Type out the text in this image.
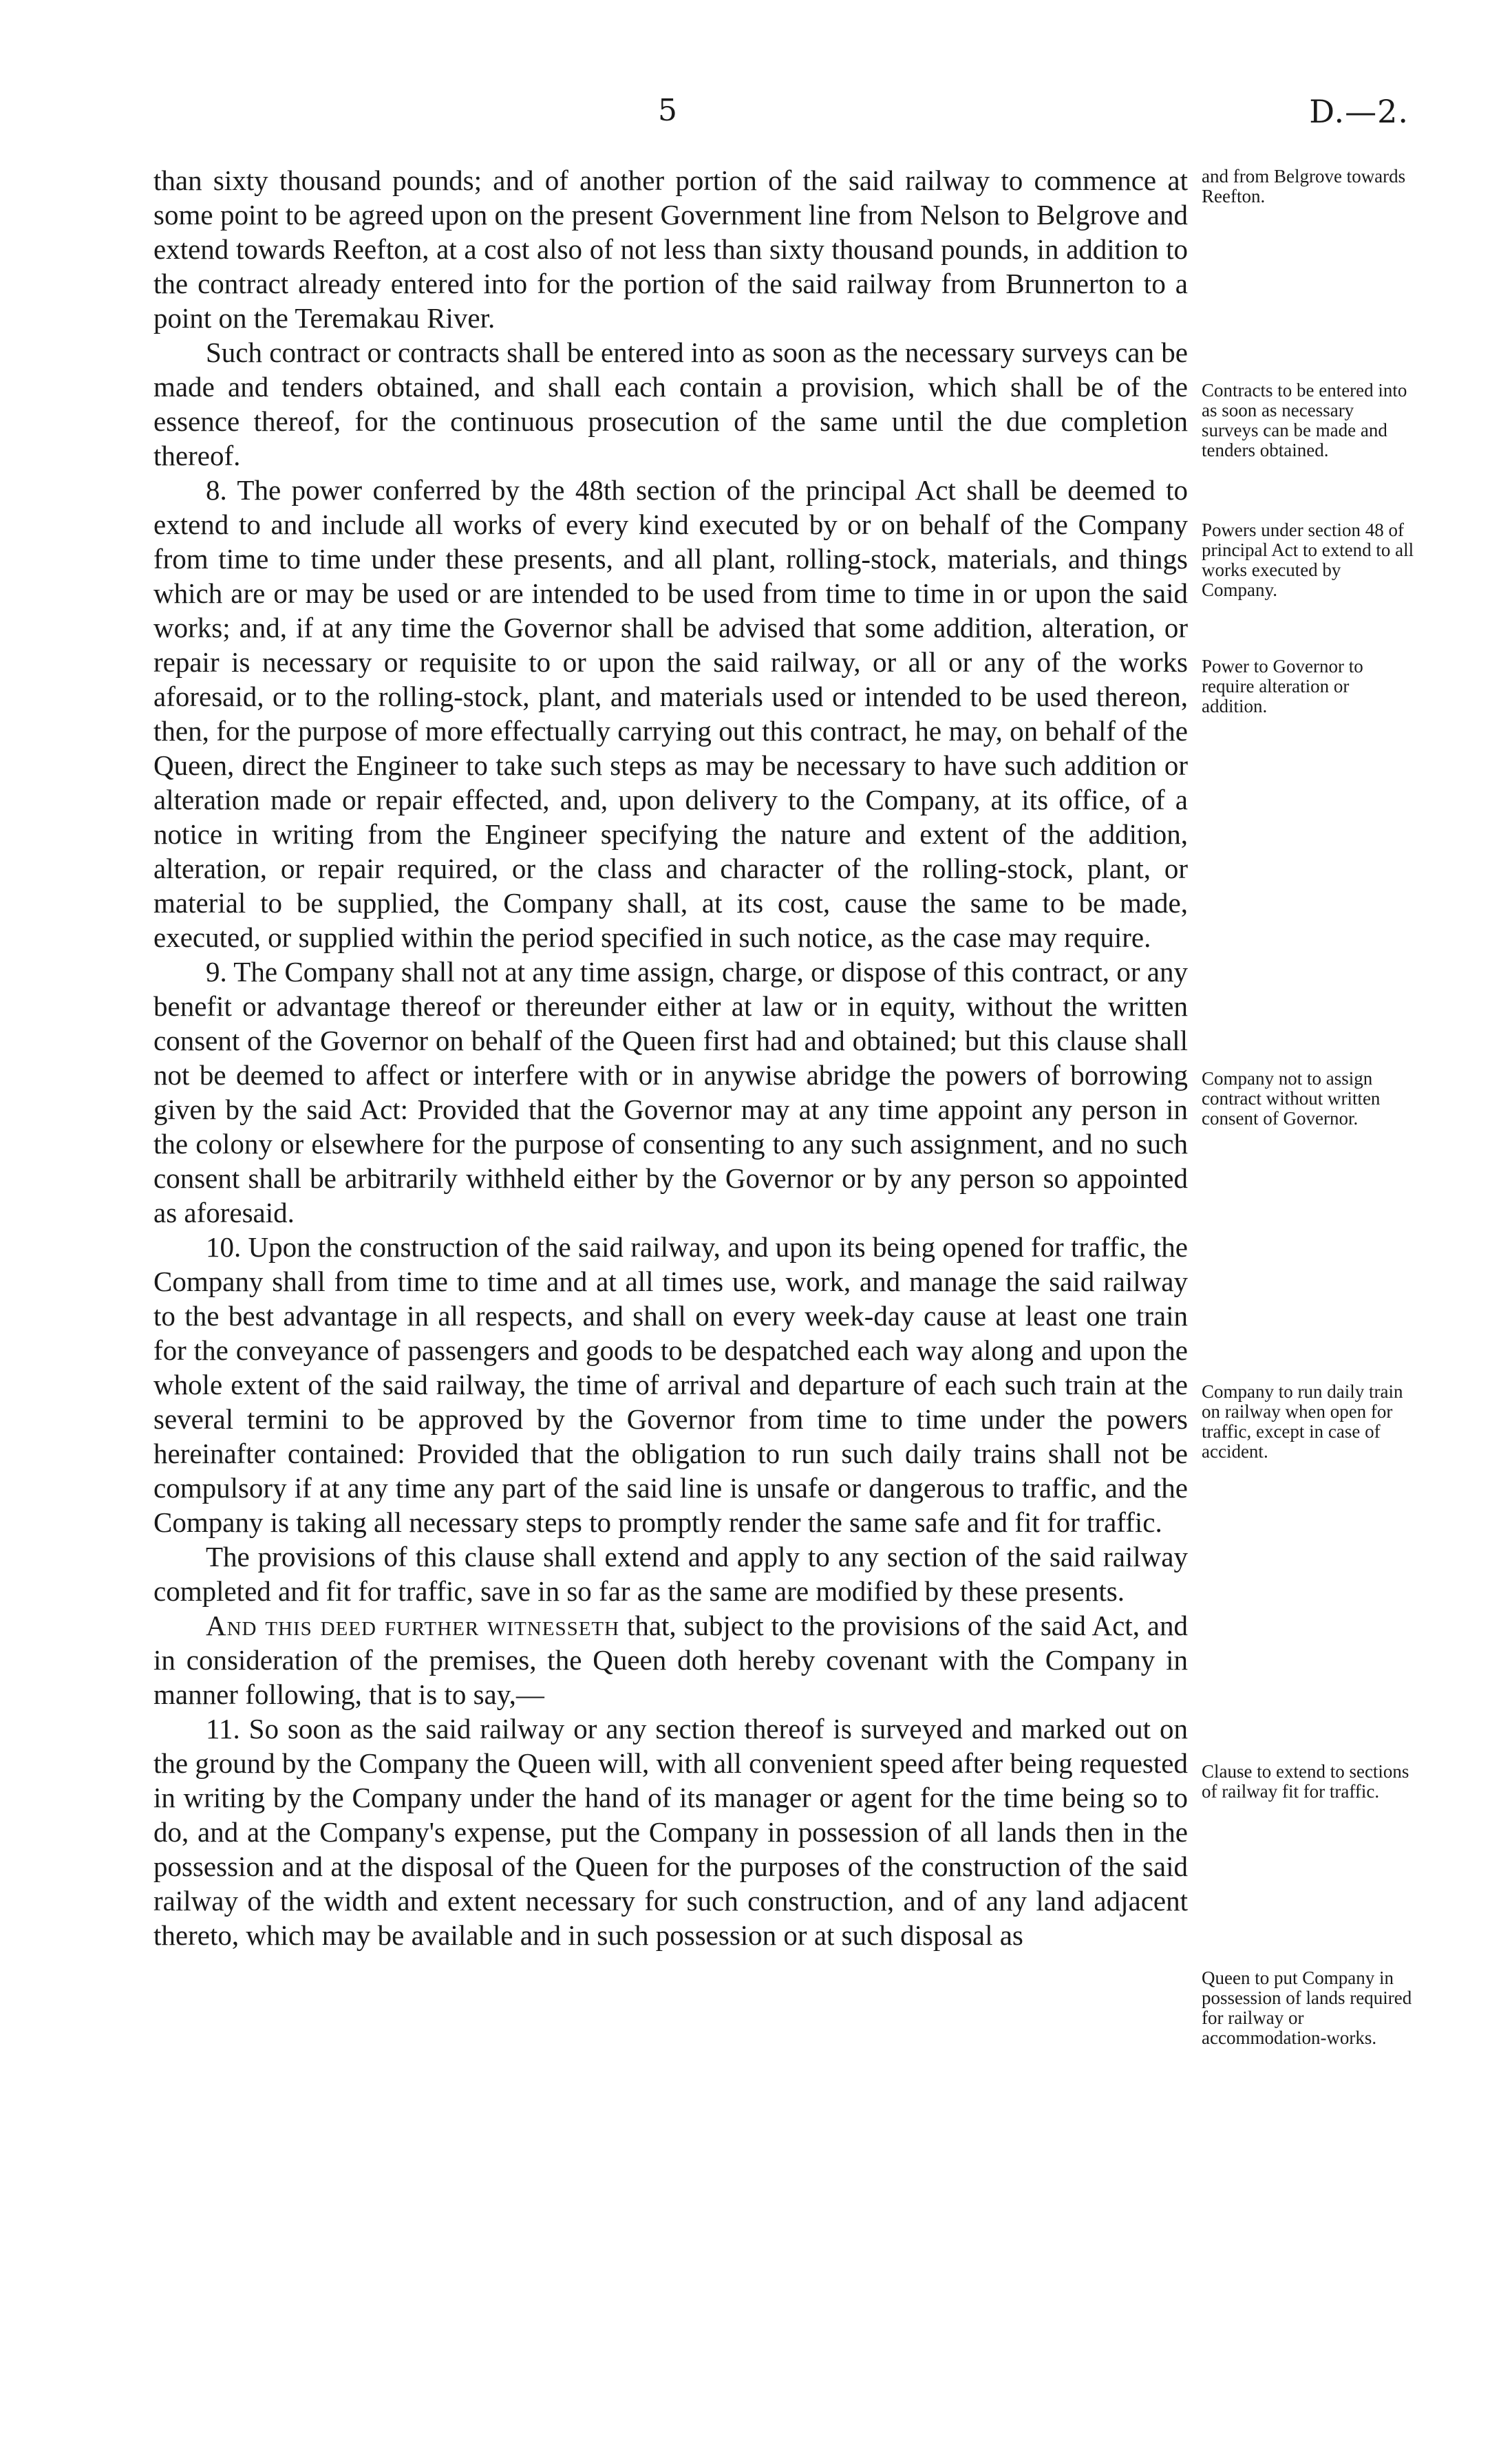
5	D.—2.

than sixty thousand pounds; and of another portion of the said railway to commence at some point to be agreed upon on the present Government line from Nelson to Belgrove and extend towards Reefton, at a cost also of not less than sixty thousand pounds, in addition to the contract already entered into for the portion of the said railway from Brunnerton to a point on the Teremakau River.

Such contract or contracts shall be entered into as soon as the necessary surveys can be made and tenders obtained, and shall each contain a provision, which shall be of the essence thereof, for the continuous prosecution of the same until the due completion thereof.

8. The power conferred by the 48th section of the principal Act shall be deemed to extend to and include all works of every kind executed by or on behalf of the Company from time to time under these presents, and all plant, rolling-stock, materials, and things which are or may be used or are intended to be used from time to time in or upon the said works; and, if at any time the Governor shall be advised that some addition, alteration, or repair is necessary or requisite to or upon the said railway, or all or any of the works aforesaid, or to the rolling-stock, plant, and materials used or intended to be used thereon, then, for the purpose of more effectually carrying out this contract, he may, on behalf of the Queen, direct the Engineer to take such steps as may be necessary to have such addition or alteration made or repair effected, and, upon delivery to the Company, at its office, of a notice in writing from the Engineer specifying the nature and extent of the addition, alteration, or repair required, or the class and character of the rolling-stock, plant, or material to be supplied, the Company shall, at its cost, cause the same to be made, executed, or supplied within the period specified in such notice, as the case may require.

9. The Company shall not at any time assign, charge, or dispose of this contract, or any benefit or advantage thereof or thereunder either at law or in equity, without the written consent of the Governor on behalf of the Queen first had and obtained; but this clause shall not be deemed to affect or interfere with or in anywise abridge the powers of borrowing given by the said Act: Provided that the Governor may at any time appoint any person in the colony or elsewhere for the purpose of consenting to any such assignment, and no such consent shall be arbitrarily withheld either by the Governor or by any person so appointed as aforesaid.

10. Upon the construction of the said railway, and upon its being opened for traffic, the Company shall from time to time and at all times use, work, and manage the said railway to the best advantage in all respects, and shall on every week-day cause at least one train for the conveyance of passengers and goods to be despatched each way along and upon the whole extent of the said railway, the time of arrival and departure of each such train at the several termini to be approved by the Governor from time to time under the powers hereinafter contained: Provided that the obligation to run such daily trains shall not be compulsory if at any time any part of the said line is unsafe or dangerous to traffic, and the Company is taking all necessary steps to promptly render the same safe and fit for traffic.

The provisions of this clause shall extend and apply to any section of the said railway completed and fit for traffic, save in so far as the same are modified by these presents.

And this deed further witnesseth that, subject to the provisions of the said Act, and in consideration of the premises, the Queen doth hereby covenant with the Company in manner following, that is to say,—

11. So soon as the said railway or any section thereof is surveyed and marked out on the ground by the Company the Queen will, with all convenient speed after being requested in writing by the Company under the hand of its manager or agent for the time being so to do, and at the Company's expense, put the Company in possession of all lands then in the possession and at the disposal of the Queen for the purposes of the construction of the said railway of the width and extent necessary for such construction, and of any land adjacent thereto, which may be available and in such possession or at such disposal as

and from Belgrove towards Reefton.
Contracts to be entered into as soon as necessary surveys can be made and tenders obtained.
Powers under section 48 of principal Act to extend to all works executed by Company.
Power to Governor to require alteration or addition.
Company not to assign contract without written consent of Governor.
Company to run daily train on railway when open for traffic, except in case of accident.
Clause to extend to sections of railway fit for traffic.
Queen to put Company in possession of lands required for railway or accommodation-works.
